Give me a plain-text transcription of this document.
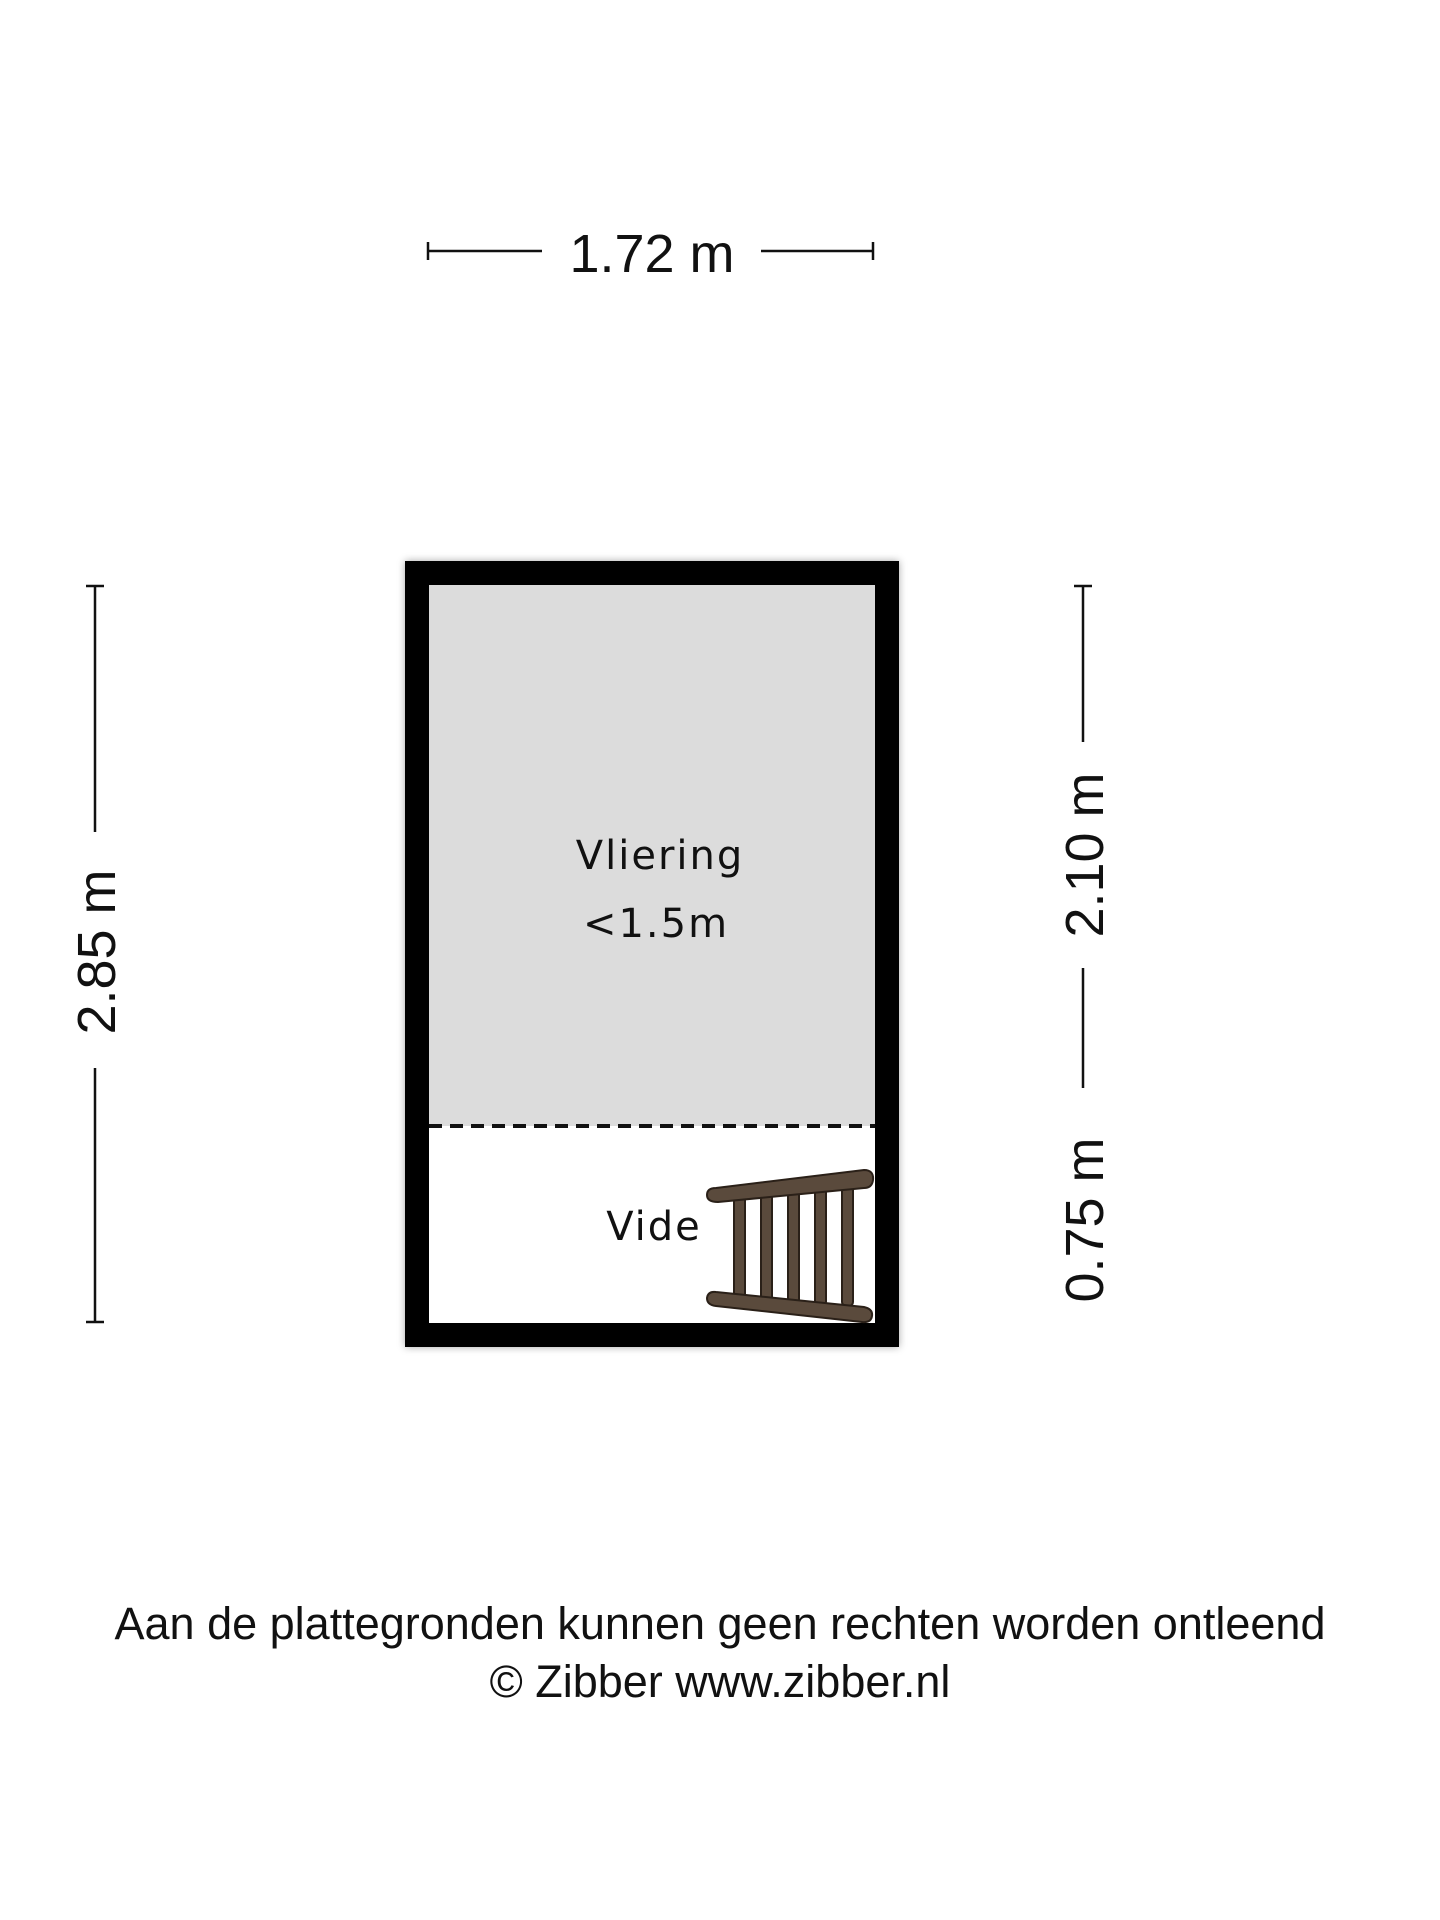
1.72 m
2.85 m
2.10 m
0.75 m
Vliering
<1.5m
Vide
Aan de plattegronden kunnen geen rechten worden ontleend
© Zibber www.zibber.nl
